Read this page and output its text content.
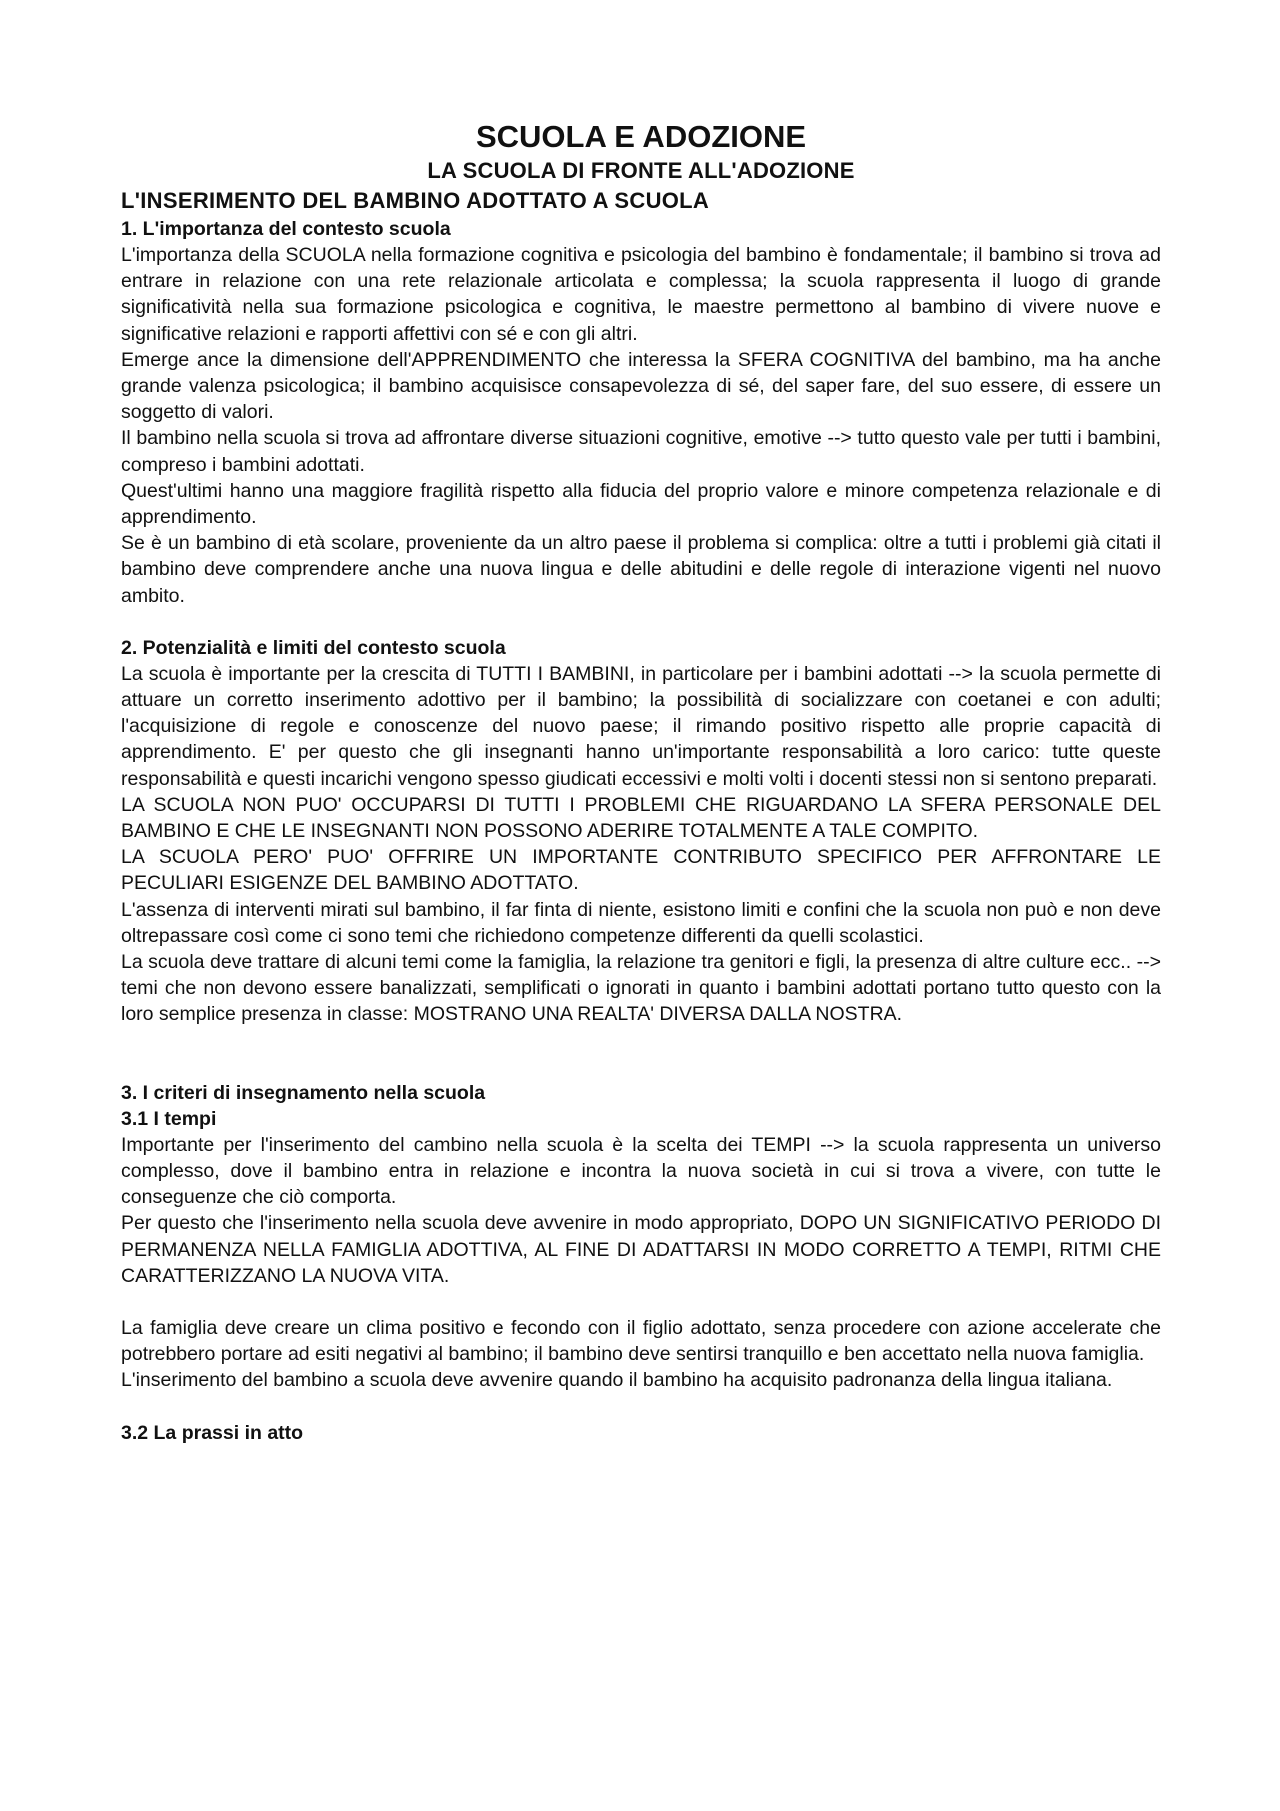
SCUOLA E ADOZIONE
LA SCUOLA DI FRONTE ALL'ADOZIONE
L'INSERIMENTO DEL BAMBINO ADOTTATO A SCUOLA
1. L'importanza del contesto scuola

L'importanza della SCUOLA nella formazione cognitiva e psicologia del bambino è fondamentale; il bambino si trova ad entrare in relazione con una rete relazionale articolata e complessa; la scuola rappresenta il luogo di grande significatività nella sua formazione psicologica e cognitiva, le maestre permettono al bambino di vivere nuove e significative relazioni e rapporti affettivi con sé e con gli altri.

Emerge ance la dimensione dell'APPRENDIMENTO che interessa la SFERA COGNITIVA del bambino, ma ha anche grande valenza psicologica; il bambino acquisisce consapevolezza di sé, del saper fare, del suo essere, di essere un soggetto di valori.

Il bambino nella scuola si trova ad affrontare diverse situazioni cognitive, emotive --> tutto questo vale per tutti i bambini, compreso i bambini adottati.

Quest'ultimi hanno una maggiore fragilità rispetto alla fiducia del proprio valore e minore competenza relazionale e di apprendimento.

Se è un bambino di età scolare, proveniente da un altro paese il problema si complica: oltre a tutti i problemi già citati il bambino deve comprendere anche una nuova lingua e delle abitudini e delle regole di interazione vigenti nel nuovo ambito.

2. Potenzialità e limiti del contesto scuola

La scuola è importante per la crescita di TUTTI I BAMBINI, in particolare per i bambini adottati --> la scuola permette di attuare un corretto inserimento adottivo per il bambino; la possibilità di socializzare con coetanei e con adulti; l'acquisizione di regole e conoscenze del nuovo paese; il rimando positivo rispetto alle proprie capacità di apprendimento. E' per questo che gli insegnanti hanno un'importante responsabilità a loro carico: tutte queste responsabilità e questi incarichi vengono spesso giudicati eccessivi e molti volti i docenti stessi non si sentono preparati.

LA SCUOLA NON PUO' OCCUPARSI DI TUTTI I PROBLEMI CHE RIGUARDANO LA SFERA PERSONALE DEL BAMBINO E CHE LE INSEGNANTI NON POSSONO ADERIRE TOTALMENTE A TALE COMPITO.

LA SCUOLA PERO' PUO' OFFRIRE UN IMPORTANTE CONTRIBUTO SPECIFICO PER AFFRONTARE LE PECULIARI ESIGENZE DEL BAMBINO ADOTTATO.

L'assenza di interventi mirati sul bambino, il far finta di niente, esistono limiti e confini che la scuola non può e non deve oltrepassare così come ci sono temi che richiedono competenze differenti da quelli scolastici.

La scuola deve trattare di alcuni temi come la famiglia, la relazione tra genitori e figli, la presenza di altre culture ecc.. --> temi che non devono essere banalizzati, semplificati o ignorati in quanto i bambini adottati portano tutto questo con la loro semplice presenza in classe: MOSTRANO UNA REALTA' DIVERSA DALLA NOSTRA.

3. I criteri di insegnamento nella scuola
3.1 I tempi

Importante per l'inserimento del cambino nella scuola è la scelta dei TEMPI --> la scuola rappresenta un universo complesso, dove il bambino entra in relazione e incontra la nuova società in cui si trova a vivere, con tutte le conseguenze che ciò comporta.

Per questo che l'inserimento nella scuola deve avvenire in modo appropriato, DOPO UN SIGNIFICATIVO PERIODO DI PERMANENZA NELLA FAMIGLIA ADOTTIVA, AL FINE DI ADATTARSI IN MODO CORRETTO A TEMPI, RITMI CHE CARATTERIZZANO LA NUOVA VITA.

La famiglia deve creare un clima positivo e fecondo con il figlio adottato, senza procedere con azione accelerate che potrebbero portare ad esiti negativi al bambino; il bambino deve sentirsi tranquillo e ben accettato nella nuova famiglia.

L'inserimento del bambino a scuola deve avvenire quando il bambino ha acquisito padronanza della lingua italiana.

3.2 La prassi in atto
